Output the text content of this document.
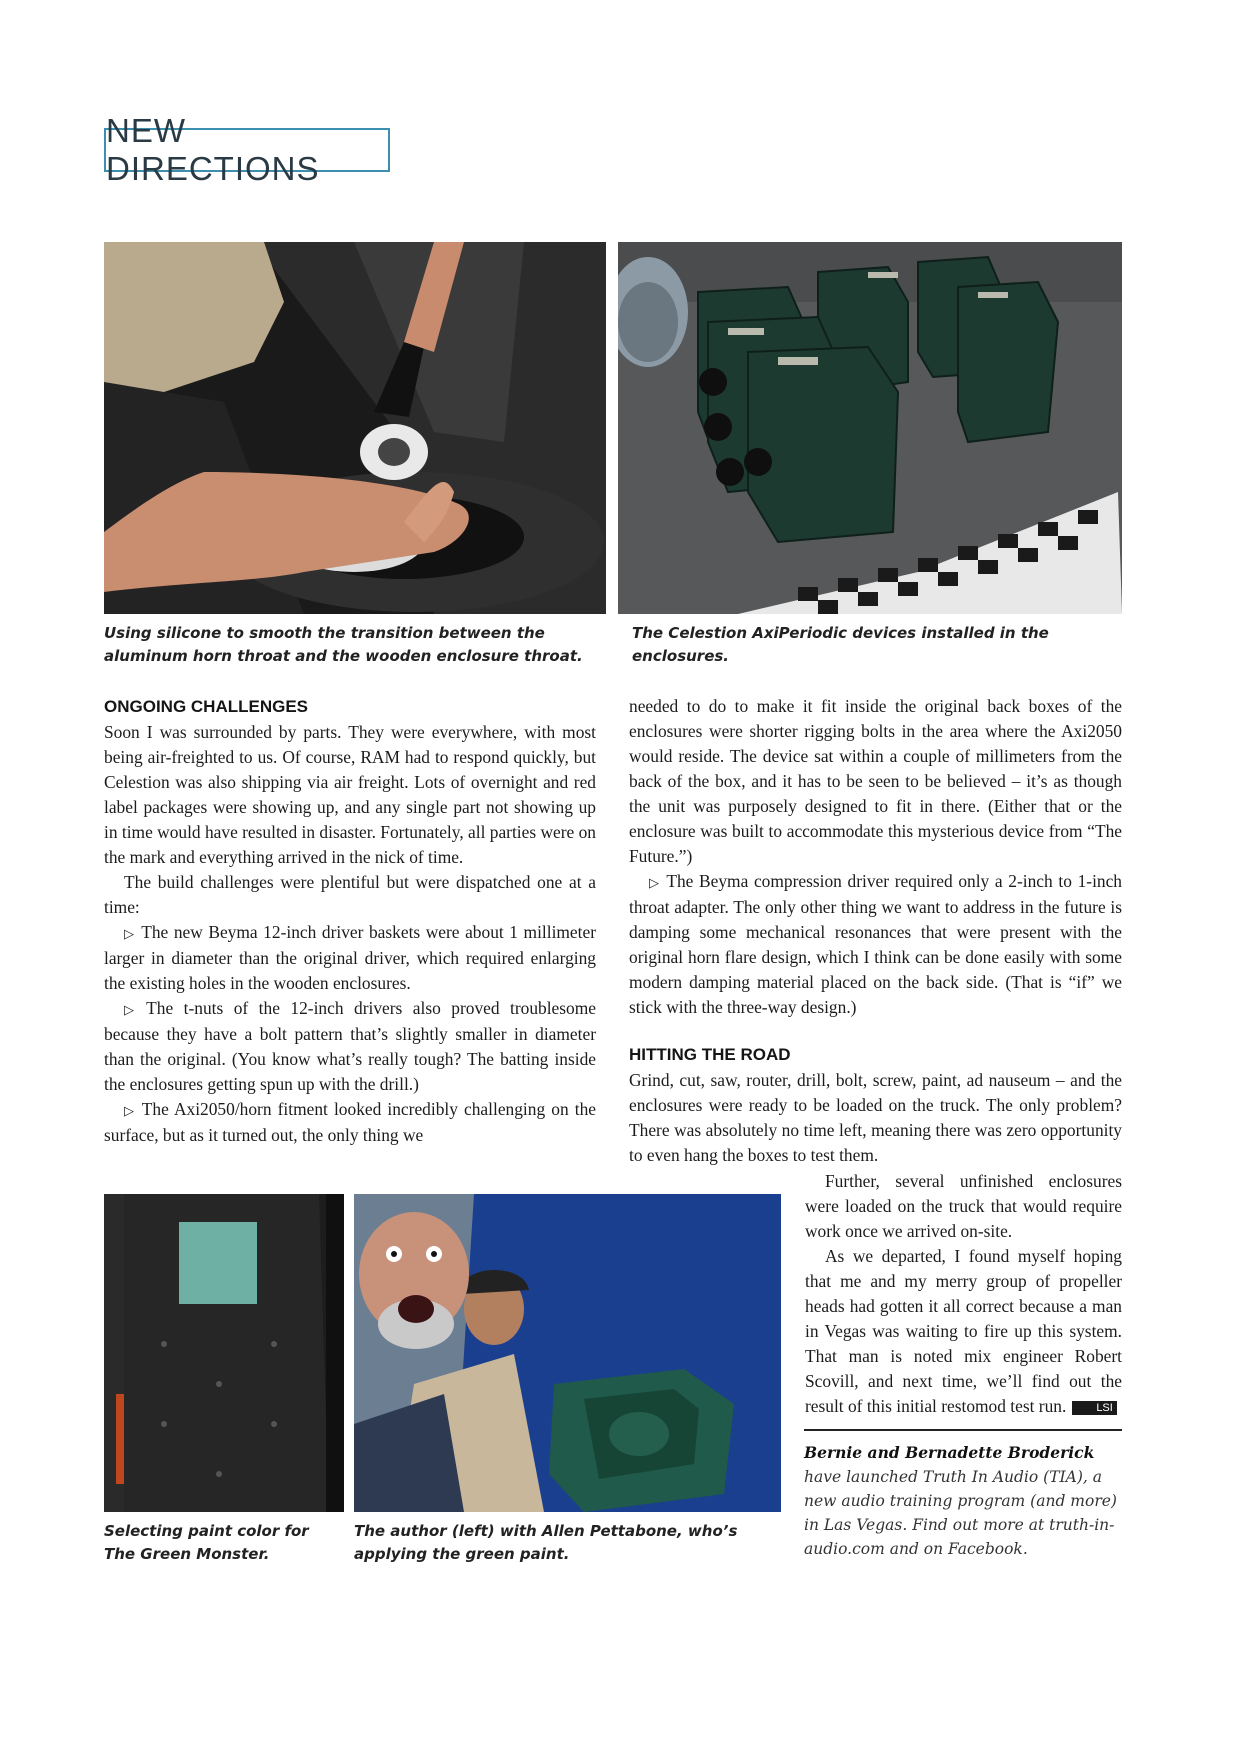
NEW DIRECTIONS
Using silicone to smooth the transition between the aluminum horn throat and the wooden enclosure throat.
The Celestion AxiPeriodic devices installed in the enclosures.
ONGOING CHALLENGES

Soon I was surrounded by parts. They were everywhere, with most being air-freighted to us. Of course, RAM had to respond quickly, but Celestion was also shipping via air freight. Lots of overnight and red label packages were showing up, and any single part not showing up in time would have resulted in disaster. Fortunately, all parties were on the mark and everything arrived in the nick of time.

The build challenges were plentiful but were dispatched one at a time:

▷ The new Beyma 12-inch driver baskets were about 1 millimeter larger in diameter than the original driver, which required enlarging the existing holes in the wooden enclosures.

▷ The t-nuts of the 12-inch drivers also proved troublesome because they have a bolt pattern that’s slightly smaller in diameter than the original. (You know what’s really tough? The batting inside the enclosures getting spun up with the drill.)

▷ The Axi2050/horn fitment looked incredibly challenging on the surface, but as it turned out, the only thing we

needed to do to make it fit inside the original back boxes of the enclosures were shorter rigging bolts in the area where the Axi2050 would reside. The device sat within a couple of millimeters from the back of the box, and it has to be seen to be believed – it’s as though the unit was purposely designed to fit in there. (Either that or the enclosure was built to accommodate this mysterious device from “The Future.”)

▷ The Beyma compression driver required only a 2-inch to 1-inch throat adapter. The only other thing we want to address in the future is damping some mechanical resonances that were present with the original horn flare design, which I think can be done easily with some modern damping material placed on the back side. (That is “if” we stick with the three-way design.)

HITTING THE ROAD

Grind, cut, saw, router, drill, bolt, screw, paint, ad nauseum – and the enclosures were ready to be loaded on the truck. The only problem? There was absolutely no time left, meaning there was zero opportunity to even hang the boxes to test them.

Further, several unfinished enclosures were loaded on the truck that would require work once we arrived on-site.

As we departed, I found myself hoping that me and my merry group of propeller heads had gotten it all correct because a man in Vegas was waiting to fire up this system. That man is noted mix engineer Robert Scovill, and next time, we’ll find out the result of this initial restomod test run.	LSI

Selecting paint color for The Green Monster.
The author (left) with Allen Pettabone, who’s applying the green paint.
Bernie and Bernadette Broderick have launched Truth In Audio (TIA), a new audio training program (and more) in Las Vegas. Find out more at truth-in-audio.com and on Facebook.
